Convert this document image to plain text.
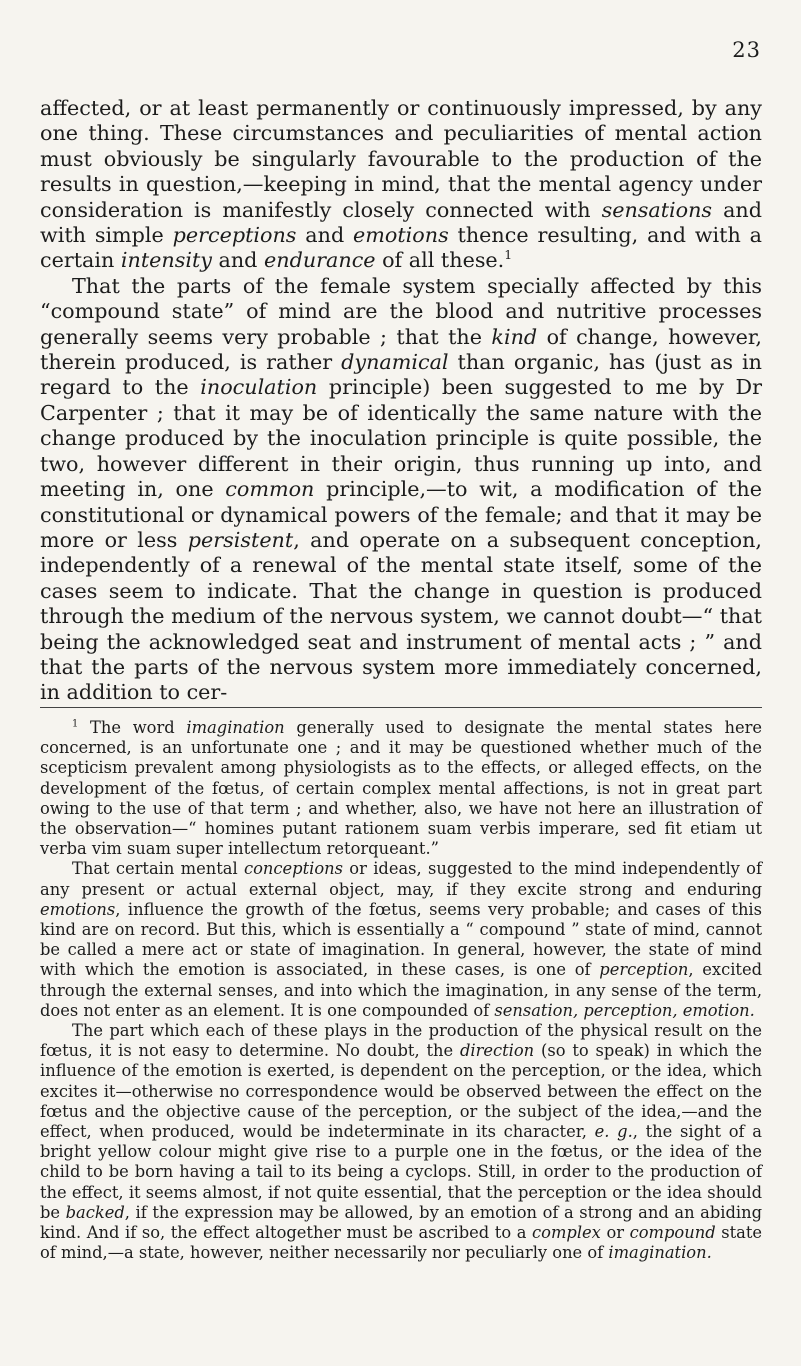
23

affected, or at least permanently or continuously impressed, by any one thing. These circumstances and peculiarities of mental action must obviously be singularly favourable to the production of the results in question,—keeping in mind, that the mental agency under consideration is manifestly closely connected with sensations and with simple perceptions and emotions thence resulting, and with a certain intensity and endurance of all these.$^1$

That the parts of the female system specially affected by this “compound state” of mind are the blood and nutritive processes generally seems very probable ; that the kind of change, however, therein produced, is rather dynamical than organic, has (just as in regard to the inoculation principle) been suggested to me by Dr Carpenter ; that it may be of identically the same nature with the change produced by the inoculation principle is quite possible, the two, however different in their origin, thus running up into, and meeting in, one common principle,—to wit, a modification of the constitutional or dynamical powers of the female; and that it may be more or less persistent, and operate on a subsequent conception, independently of a renewal of the mental state itself, some of the cases seem to indicate. That the change in question is produced through the medium of the nervous system, we cannot doubt—“ that being the acknowledged seat and instrument of mental acts ; ” and that the parts of the nervous system more immediately concerned, in addition to cer-

$^1$ The word imagination generally used to designate the mental states here concerned, is an unfortunate one ; and it may be questioned whether much of the scepticism prevalent among physiologists as to the effects, or alleged effects, on the development of the fœtus, of certain complex mental affections, is not in great part owing to the use of that term ; and whether, also, we have not here an illustration of the observation—“ homines putant rationem suam verbis imperare, sed fit etiam ut verba vim suam super intellectum retorqueant.”

That certain mental conceptions or ideas, suggested to the mind independently of any present or actual external object, may, if they excite strong and enduring emotions, influence the growth of the fœtus, seems very probable; and cases of this kind are on record. But this, which is essentially a “ compound ” state of mind, cannot be called a mere act or state of imagination. In general, however, the state of mind with which the emotion is associated, in these cases, is one of perception, excited through the external senses, and into which the imagination, in any sense of the term, does not enter as an element. It is one compounded of sensation, perception, emotion.

The part which each of these plays in the production of the physical result on the fœtus, it is not easy to determine. No doubt, the direction (so to speak) in which the influence of the emotion is exerted, is dependent on the perception, or the idea, which excites it—otherwise no correspondence would be observed between the effect on the fœtus and the objective cause of the perception, or the subject of the idea,—and the effect, when produced, would be indeterminate in its character, e. g., the sight of a bright yellow colour might give rise to a purple one in the fœtus, or the idea of the child to be born having a tail to its being a cyclops. Still, in order to the production of the effect, it seems almost, if not quite essential, that the perception or the idea should be backed, if the expression may be allowed, by an emotion of a strong and an abiding kind. And if so, the effect altogether must be ascribed to a complex or compound state of mind,—a state, however, neither necessarily nor peculiarly one of imagination.
